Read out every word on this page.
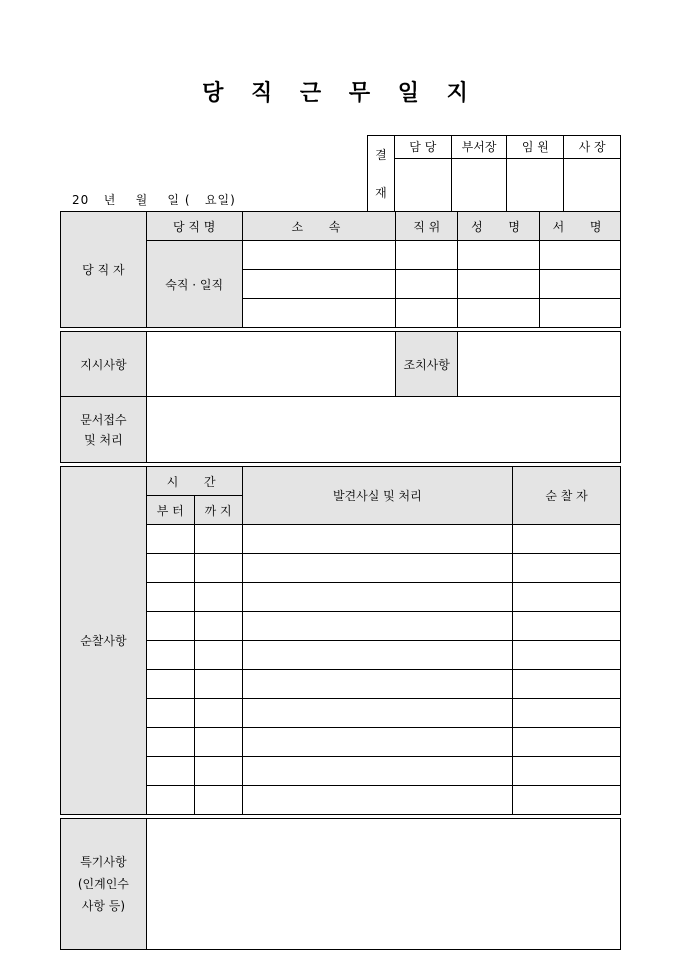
당 직 근 무 일 지
20   년    월    일 (   요일)
결
재	담 당	부서장	임 원	사 장

당 직 자	당 직 명		소  속	직 위	성  명		서  명
	숙직 · 일직						

지시사항				조치사항			
문서접수
및 처리							

순찰사항	시  간		발견사실 및 처리			순 찰 자	
	부 터	까 지					

특기사항
(인계인수
사항 등)							
